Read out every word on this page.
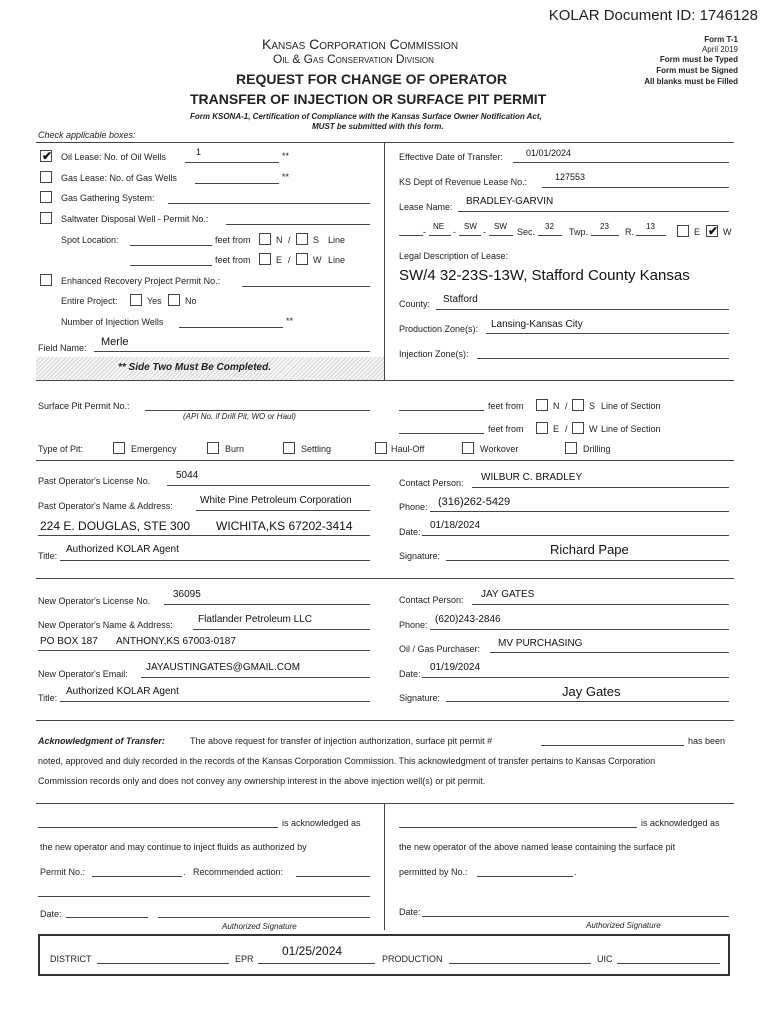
KOLAR Document ID: 1746128
Kansas Corporation Commission
Oil & Gas Conservation Division
REQUEST FOR CHANGE OF OPERATOR
TRANSFER OF INJECTION OR SURFACE PIT PERMIT
Form KSONA-1, Certification of Compliance with the Kansas Surface Owner Notification Act,
MUST be submitted with this form.
Form T-1
April 2019
Form must be Typed
Form must be Signed
All blanks must be Filled
Check applicable boxes:
✔
Oil Lease: No. of Oil Wells	1	**
Gas Lease: No. of Gas Wells	**
Gas Gathering System:
Saltwater Disposal Well - Permit No.:
Spot Location:	feet from	N / S Line
feet from	E / W Line
Enhanced Recovery Project Permit No.:
Entire Project:	Yes	No
Number of Injection Wells	**
Field Name: Merle
** Side Two Must Be Completed.
Effective Date of Transfer:	01/01/2024
KS Dept of Revenue Lease No.:	127553
Lease Name: BRADLEY-GARVIN
-
NE
-
SW
-
SW
Sec.
32
Twp.
23
R.
13
E
✔	W
Legal Description of Lease:
SW/4 32-23S-13W, Stafford County Kansas
County: Stafford
Production Zone(s): Lansing-Kansas City
Injection Zone(s):
Surface Pit Permit No.:
(API No. if Drill Pit, WO or Haul)
feet from	N / S Line of Section
feet from	E / W Line of Section
Type of Pit:	Emergency	Burn	Settling	Haul-Off	Workover	Drilling
Past Operator's License No.	5044
Past Operator's Name & Address:	White Pine Petroleum Corporation
224 E. DOUGLAS, STE 300 WICHITA,KS 67202-3414
Title:
Authorized KOLAR Agent
Contact Person: WILBUR C. BRADLEY
Phone: (316)262-5429
Date:
01/18/2024
Signature:	Richard Pape
New Operator's License No.
36095
New Operator's Name & Address:	Flatlander Petroleum LLC
PO BOX 187 ANTHONY,KS 67003-0187
New Operator's Email:
JAYAUSTINGATES@GMAIL.COM
Title:
Authorized KOLAR Agent
Contact Person: JAY GATES
Phone: (620)243-2846
Oil / Gas Purchaser: MV PURCHASING
Date:
01/19/2024
Signature:	Jay Gates
Acknowledgment of Transfer:	The above request for transfer of injection authorization, surface pit permit #	has been
noted, approved and duly recorded in the records of the Kansas Corporation Commission. This acknowledgment of transfer pertains to Kansas Corporation
Commission records only and does not convey any ownership interest in the above injection well(s) or pit permit.
is acknowledged as
the new operator and may continue to inject fluids as authorized by
Permit No.:	. Recommended action:
Date:
Authorized Signature
is acknowledged as
the new operator of the above named lease containing the surface pit
permitted by No.:	.
Date:
Authorized Signature
DISTRICT	EPR
01/25/2024
PRODUCTION	UIC
